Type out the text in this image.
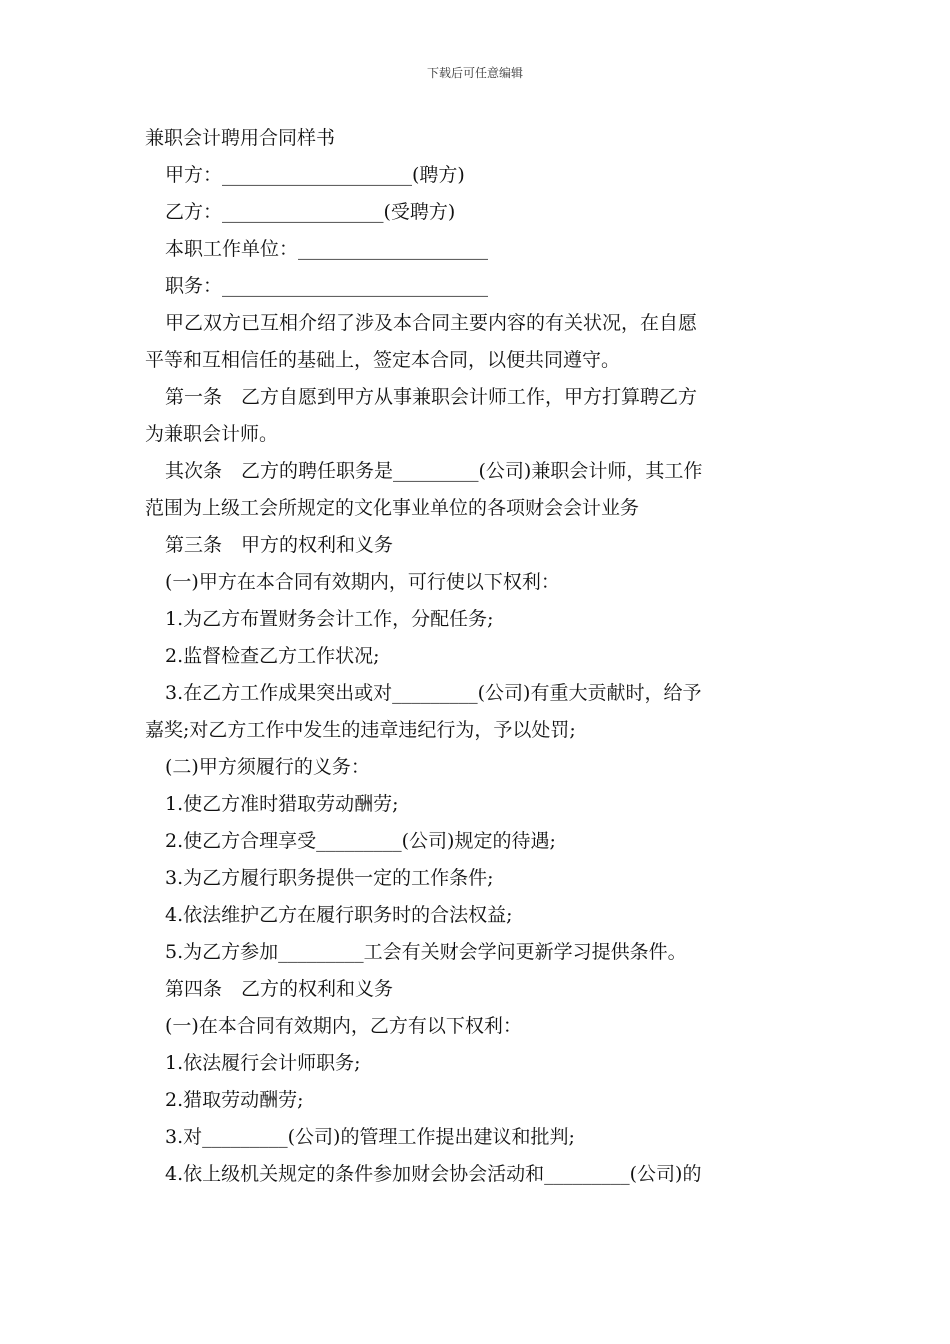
下载后可任意编辑
兼职会计聘用合同样书
甲方：____________________(聘方)
乙方：_________________(受聘方)
本职工作单位：____________________
职务：____________________________
甲乙双方已互相介绍了涉及本合同主要内容的有关状况，在自愿
平等和互相信任的基础上，签定本合同，以便共同遵守。
第一条　乙方自愿到甲方从事兼职会计师工作，甲方打算聘乙方
为兼职会计师。
其次条　乙方的聘任职务是_________(公司)兼职会计师，其工作
范围为上级工会所规定的文化事业单位的各项财会会计业务
第三条　甲方的权利和义务
(一)甲方在本合同有效期内，可行使以下权利：
1.为乙方布置财务会计工作，分配任务;
2.监督检查乙方工作状况;
3.在乙方工作成果突出或对_________(公司)有重大贡献时，给予
嘉奖;对乙方工作中发生的违章违纪行为，予以处罚;
(二)甲方须履行的义务：
1.使乙方准时猎取劳动酬劳;
2.使乙方合理享受_________(公司)规定的待遇;
3.为乙方履行职务提供一定的工作条件;
4.依法维护乙方在履行职务时的合法权益;
5.为乙方参加_________工会有关财会学问更新学习提供条件。
第四条　乙方的权利和义务
(一)在本合同有效期内，乙方有以下权利：
1.依法履行会计师职务;
2.猎取劳动酬劳;
3.对_________(公司)的管理工作提出建议和批判;
4.依上级机关规定的条件参加财会协会活动和_________(公司)的
